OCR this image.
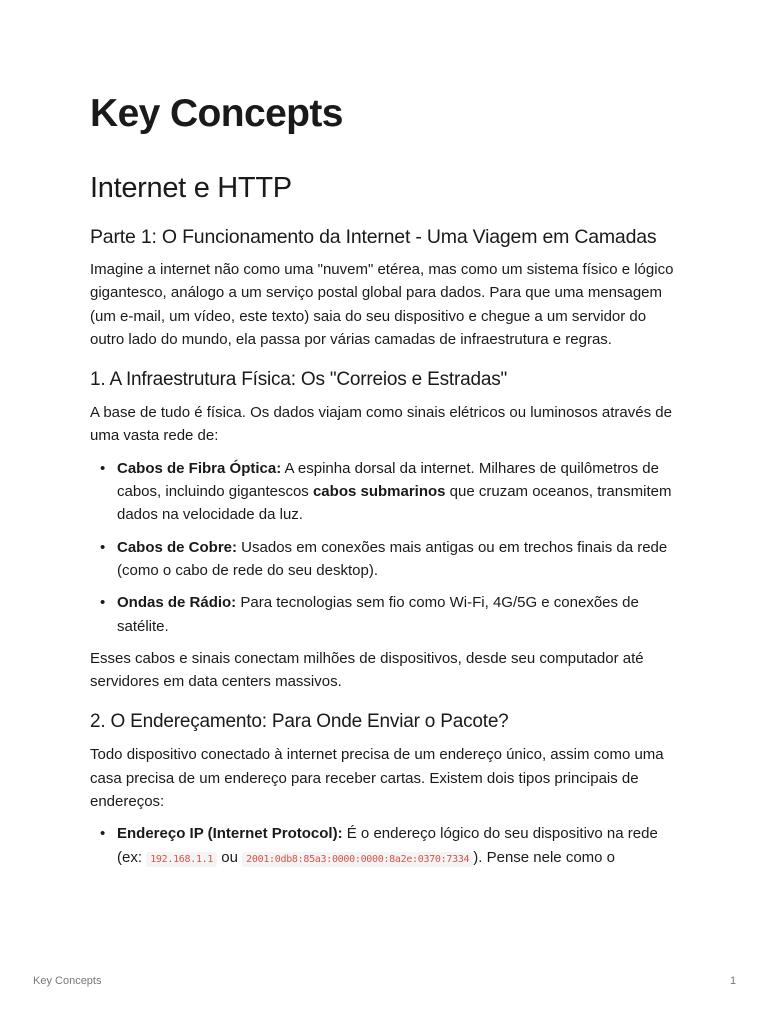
Key Concepts
Internet e HTTP
Parte 1: O Funcionamento da Internet - Uma Viagem em Camadas

Imagine a internet não como uma "nuvem" etérea, mas como um sistema físico e lógico gigantesco, análogo a um serviço postal global para dados. Para que uma mensagem (um e-mail, um vídeo, este texto) saia do seu dispositivo e chegue a um servidor do outro lado do mundo, ela passa por várias camadas de infraestrutura e regras.

1. A Infraestrutura Física: Os "Correios e Estradas"

A base de tudo é física. Os dados viajam como sinais elétricos ou luminosos através de uma vasta rede de:

• Cabos de Fibra Óptica: A espinha dorsal da internet. Milhares de quilômetros de cabos, incluindo gigantescos cabos submarinos que cruzam oceanos, transmitem dados na velocidade da luz.
• Cabos de Cobre: Usados em conexões mais antigas ou em trechos finais da rede (como o cabo de rede do seu desktop).
• Ondas de Rádio: Para tecnologias sem fio como Wi-Fi, 4G/5G e conexões de satélite.

Esses cabos e sinais conectam milhões de dispositivos, desde seu computador até servidores em data centers massivos.

2. O Endereçamento: Para Onde Enviar o Pacote?

Todo dispositivo conectado à internet precisa de um endereço único, assim como uma casa precisa de um endereço para receber cartas. Existem dois tipos principais de endereços:

• Endereço IP (Internet Protocol): É o endereço lógico do seu dispositivo na rede (ex: 192.168.1.1 ou 2001:0db8:85a3:0000:0000:8a2e:0370:7334 ). Pense nele como o
Key Concepts	1
